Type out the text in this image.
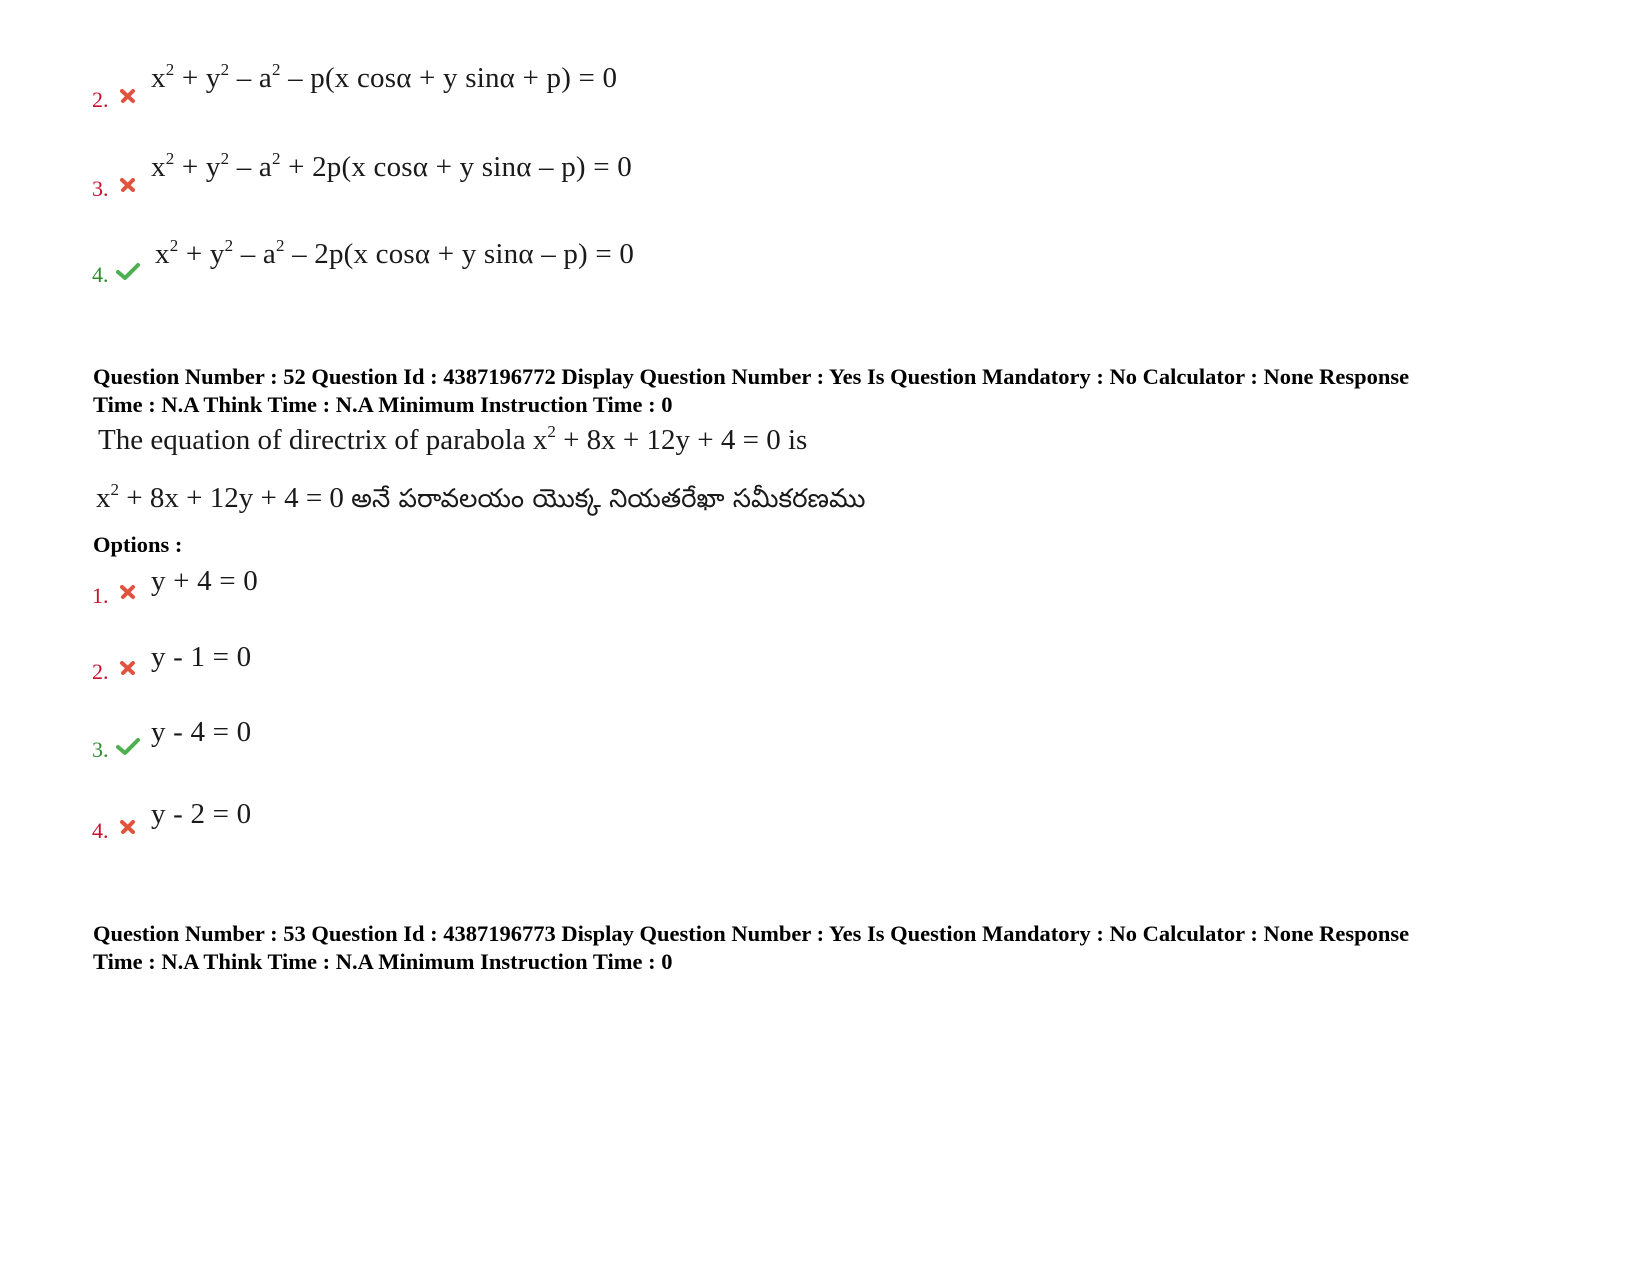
2.
$x^2 + y^2 - a^2 - p(x$ cosα + y sinα + p) = 0
3.
$x^2 + y^2 - a^2 + 2p(x$ cosα + y sinα – p) = 0
4.
$x^2 + y^2 - a^2 - 2p(x$ cosα + y sinα – p) = 0
Question Number : 52 Question Id : 4387196772 Display Question Number : Yes Is Question Mandatory : No Calculator : None Response
Time : N.A Think Time : N.A Minimum Instruction Time : 0
The equation of directrix of parabola $x^2 + 8x + 12y + 4 = 0$ is
$x^2 + 8x + 12y + 4 = 0$ అనే పరావలయం యొక్క నియతరేఖా సమీకరణము
Options :
1. y + 4 = 0
2. y - 1 = 0
3.
y - 4 = 0
4.
y - 2 = 0
Question Number : 53 Question Id : 4387196773 Display Question Number : Yes Is Question Mandatory : No Calculator : None Response
Time : N.A Think Time : N.A Minimum Instruction Time : 0
